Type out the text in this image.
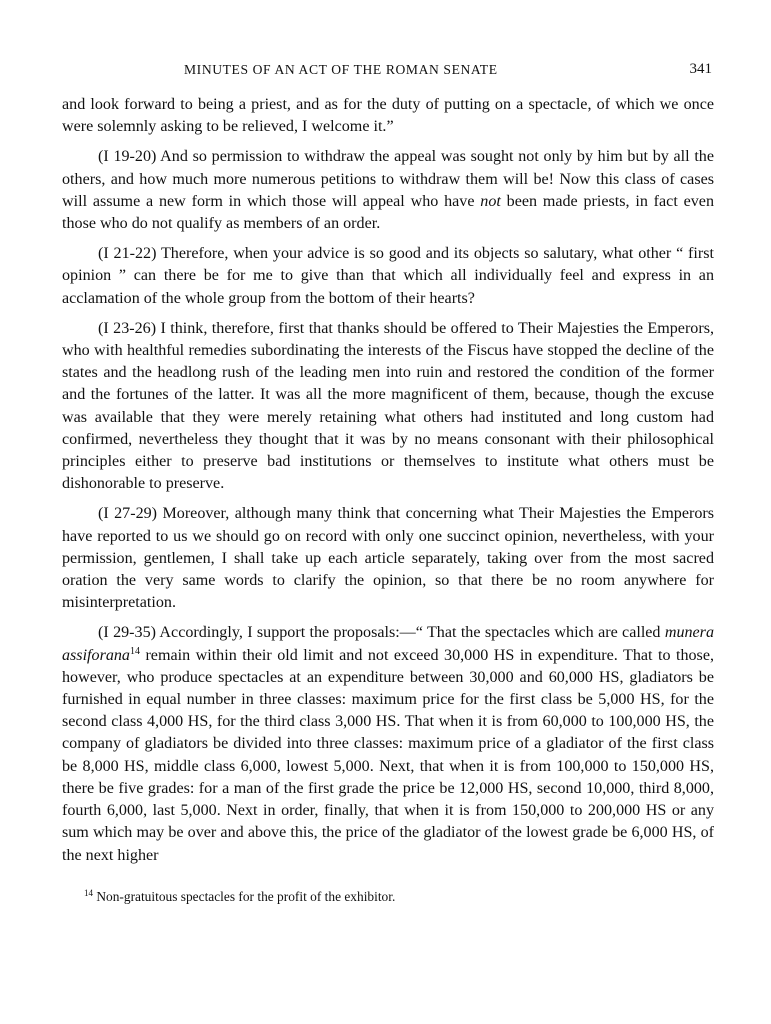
MINUTES OF AN ACT OF THE ROMAN SENATE	341

and look forward to being a priest, and as for the duty of putting on a spectacle, of which we once were solemnly asking to be relieved, I welcome it.”

(I 19-20) And so permission to withdraw the appeal was sought not only by him but by all the others, and how much more numerous petitions to withdraw them will be! Now this class of cases will assume a new form in which those will appeal who have not been made priests, in fact even those who do not qualify as members of an order.

(I 21-22) Therefore, when your advice is so good and its objects so salutary, what other “ first opinion ” can there be for me to give than that which all individually feel and express in an acclamation of the whole group from the bottom of their hearts?

(I 23-26) I think, therefore, first that thanks should be offered to Their Majesties the Emperors, who with healthful remedies subordinating the interests of the Fiscus have stopped the decline of the states and the headlong rush of the leading men into ruin and restored the condition of the former and the fortunes of the latter. It was all the more magnificent of them, because, though the excuse was available that they were merely retaining what others had instituted and long custom had confirmed, nevertheless they thought that it was by no means consonant with their philosophical principles either to preserve bad institutions or themselves to institute what others must be dishonorable to preserve.

(I 27-29) Moreover, although many think that concerning what Their Majesties the Emperors have reported to us we should go on record with only one succinct opinion, nevertheless, with your permission, gentlemen, I shall take up each article separately, taking over from the most sacred oration the very same words to clarify the opinion, so that there be no room anywhere for misinterpretation.

(I 29-35) Accordingly, I support the proposals:—“ That the spectacles which are called munera assiforana$^{14}$ remain within their old limit and not exceed 30,000 HS in expenditure. That to those, however, who produce spectacles at an expenditure between 30,000 and 60,000 HS, gladiators be furnished in equal number in three classes: maximum price for the first class be 5,000 HS, for the second class 4,000 HS, for the third class 3,000 HS. That when it is from 60,000 to 100,000 HS, the company of gladiators be divided into three classes: maximum price of a gladiator of the first class be 8,000 HS, middle class 6,000, lowest 5,000. Next, that when it is from 100,000 to 150,000 HS, there be five grades: for a man of the first grade the price be 12,000 HS, second 10,000, third 8,000, fourth 6,000, last 5,000. Next in order, finally, that when it is from 150,000 to 200,000 HS or any sum which may be over and above this, the price of the gladiator of the lowest grade be 6,000 HS, of the next higher

$^{14}$ Non-gratuitous spectacles for the profit of the exhibitor.
